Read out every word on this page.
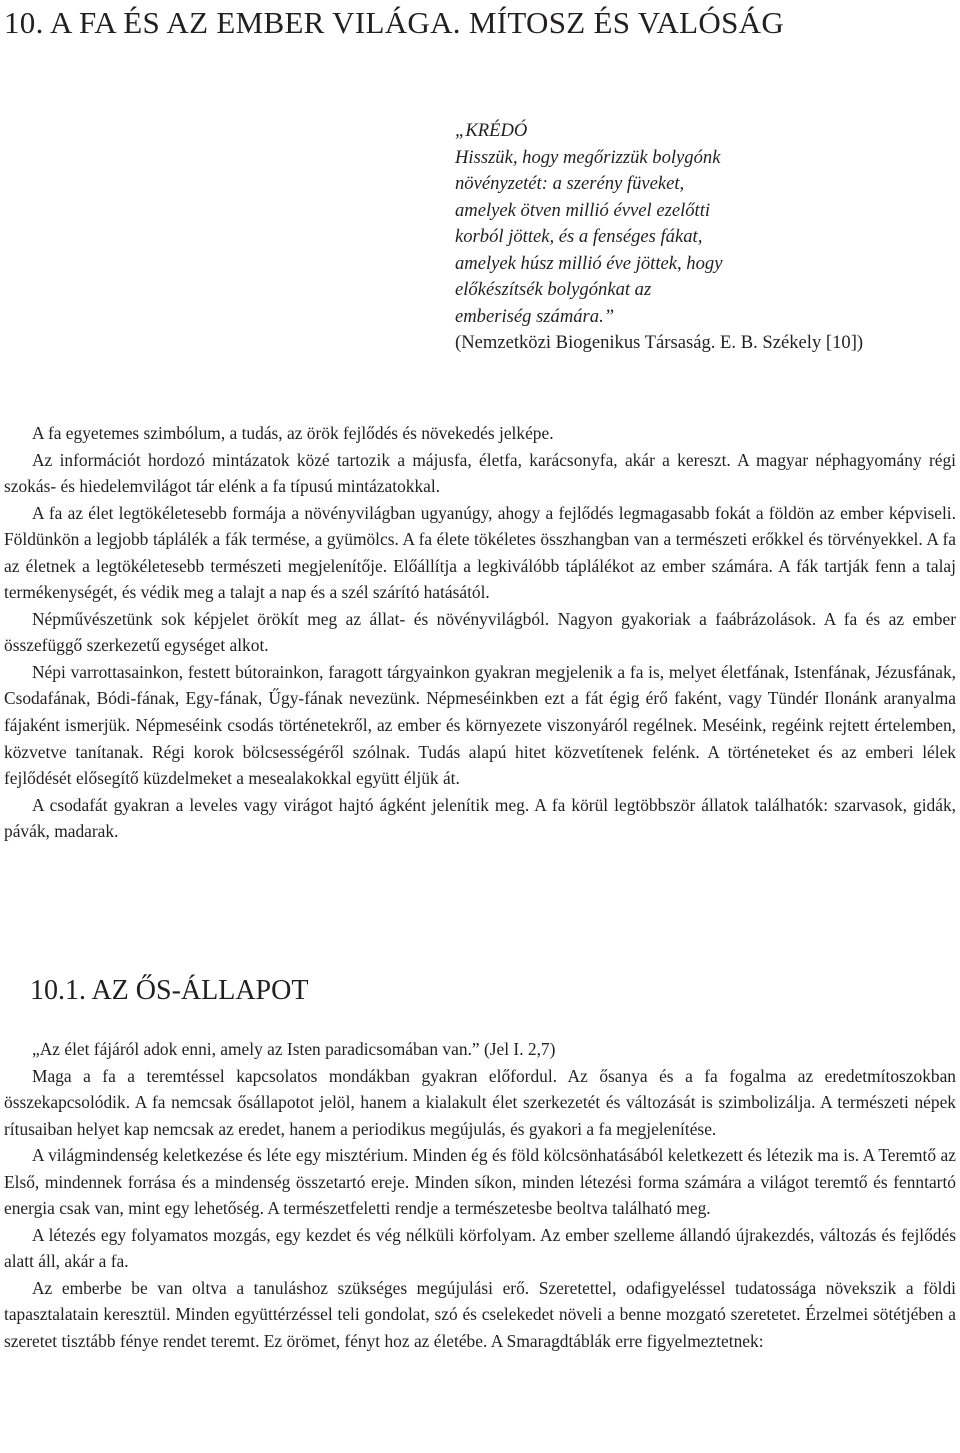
10. A FA ÉS AZ EMBER VILÁGA. MÍTOSZ ÉS VALÓSÁG
„KRÉDÓ
Hisszük, hogy megőrizzük bolygónk
növényzetét: a szerény füveket,
amelyek ötven millió évvel ezelőtti
korból jöttek, és a fenséges fákat,
amelyek húsz millió éve jöttek, hogy
előkészítsék bolygónkat az
emberiség számára.”
(Nemzetközi Biogenikus Társaság. E. B. Székely [10])

A fa egyetemes szimbólum, a tudás, az örök fejlődés és növekedés jelképe.

Az információt hordozó mintázatok közé tartozik a májusfa, életfa, karácsonyfa, akár a kereszt. A magyar néphagyomány régi szokás- és hiedelemvilágot tár elénk a fa típusú mintázatokkal.

A fa az élet legtökéletesebb formája a növényvilágban ugyanúgy, ahogy a fejlődés legmagasabb fokát a földön az ember képviseli. Földünkön a legjobb táplálék a fák termése, a gyümölcs. A fa élete tökéletes összhangban van a természeti erőkkel és törvényekkel. A fa az életnek a legtökéletesebb természeti megjelenítője. Előállítja a legkiválóbb táplálékot az ember számára. A fák tartják fenn a talaj termékenységét, és védik meg a talajt a nap és a szél szárító hatásától.

Népművészetünk sok képjelet örökít meg az állat- és növényvilágból. Nagyon gyakoriak a faábrázolások. A fa és az ember összefüggő szerkezetű egységet alkot.

Népi varrottasainkon, festett bútorainkon, faragott tárgyainkon gyakran megjelenik a fa is, melyet életfának, Istenfának, Jézusfának, Csodafának, Bódi-fának, Egy-fának, Űgy-fának nevezünk. Népmeséinkben ezt a fát égig érő faként, vagy Tündér Ilonánk aranyalma fájaként ismerjük. Népmeséink csodás történetekről, az ember és környezete viszonyáról regélnek. Meséink, regéink rejtett értelemben, közvetve tanítanak. Régi korok bölcsességéről szólnak. Tudás alapú hitet közvetítenek felénk. A történeteket és az emberi lélek fejlődését elősegítő küzdelmeket a mesealakokkal együtt éljük át.

A csodafát gyakran a leveles vagy virágot hajtó ágként jelenítik meg. A fa körül legtöbbször állatok találhatók: szarvasok, gidák, pávák, madarak.

10.1. AZ ŐS-ÁLLAPOT

„Az élet fájáról adok enni, amely az Isten paradicsomában van.” (Jel I. 2,7)

Maga a fa a teremtéssel kapcsolatos mondákban gyakran előfordul. Az ősanya és a fa fogalma az eredetmítoszokban összekapcsolódik. A fa nemcsak ősállapotot jelöl, hanem a kialakult élet szerkezetét és változását is szimbolizálja. A természeti népek rítusaiban helyet kap nemcsak az eredet, hanem a periodikus megújulás, és gyakori a fa megjelenítése.

A világmindenség keletkezése és léte egy misztérium. Minden ég és föld kölcsönhatásából keletkezett és létezik ma is. A Teremtő az Első, mindennek forrása és a mindenség összetartó ereje. Minden síkon, minden létezési forma számára a világot teremtő és fenntartó energia csak van, mint egy lehetőség. A természetfeletti rendje a természetesbe beoltva található meg.

A létezés egy folyamatos mozgás, egy kezdet és vég nélküli körfolyam. Az ember szelleme állandó újrakezdés, változás és fejlődés alatt áll, akár a fa.

Az emberbe be van oltva a tanuláshoz szükséges megújulási erő. Szeretettel, odafigyeléssel tudatossága növekszik a földi tapasztalatain keresztül. Minden együttérzéssel teli gondolat, szó és cselekedet növeli a benne mozgató szeretetet. Érzelmei sötétjében a szeretet tisztább fénye rendet teremt. Ez örömet, fényt hoz az életébe. A Smaragdtáblák erre figyelmeztetnek:
